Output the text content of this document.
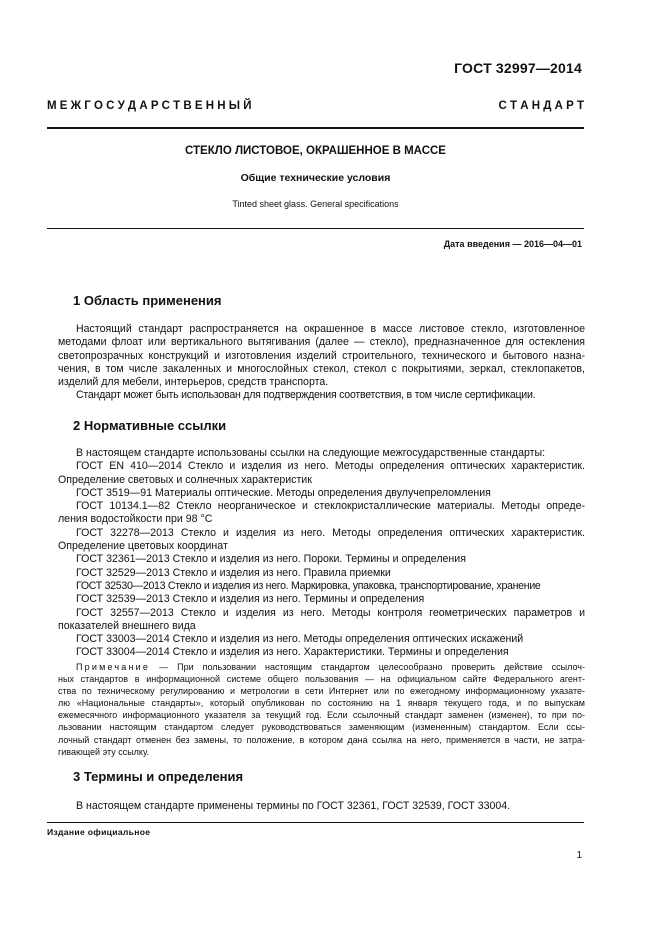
ГОСТ 32997—2014
М Е Ж Г О С У Д А Р С Т В Е Н Н Ы Й	С Т А Н Д А Р Т
СТЕКЛО ЛИСТОВОЕ, ОКРАШЕННОЕ В МАССЕ
Общие технические условия
Tinted sheet glass. General specifications
Дата введения — 2016—04—01
1 Область применения
Настоящий стандарт распространяется на окрашенное в массе листовое стекло, изготовленное
методами флоат или вертикального вытягивания (далее — стекло), предназначенное для остекления
светопрозрачных конструкций и изготовления изделий строительного, технического и бытового назна-
чения, в том числе закаленных и многослойных стекол, стекол с покрытиями, зеркал, стеклопакетов,
изделий для мебели, интерьеров, средств транспорта.
Стандарт может быть использован для подтверждения соответствия, в том числе сертификации.
2 Нормативные ссылки
В настоящем стандарте использованы ссылки на следующие межгосударственные стандарты:
ГОСТ EN 410—2014 Стекло и изделия из него. Методы определения оптических характеристик.
Определение световых и солнечных характеристик
ГОСТ 3519—91 Материалы оптические. Методы определения двулучепреломления
ГОСТ 10134.1—82 Стекло неорганическое и стеклокристаллические материалы. Методы опреде-
ления водостойкости при 98 °С
ГОСТ 32278—2013 Стекло и изделия из него. Методы определения оптических характеристик.
Определение цветовых координат
ГОСТ 32361—2013 Стекло и изделия из него. Пороки. Термины и определения
ГОСТ 32529—2013 Стекло и изделия из него. Правила приемки
ГОСТ 32530—2013 Стекло и изделия из него. Маркировка, упаковка, транспортирование, хранение
ГОСТ 32539—2013 Стекло и изделия из него. Термины и определения
ГОСТ 32557—2013 Стекло и изделия из него. Методы контроля геометрических параметров и
показателей внешнего вида
ГОСТ 33003—2014 Стекло и изделия из него. Методы определения оптических искажений
ГОСТ 33004—2014 Стекло и изделия из него. Характеристики. Термины и определения
Примечание — При пользовании настоящим стандартом целесообразно проверить действие ссылоч-
ных стандартов в информационной системе общего пользования — на официальном сайте Федерального агент-
ства по техническому регулированию и метрологии в сети Интернет или по ежегодному информационному указате-
лю «Национальные стандарты», который опубликован по состоянию на 1 января текущего года, и по выпускам
ежемесячного информационного указателя за текущий год. Если ссылочный стандарт заменен (изменен), то при по-
льзовании настоящим стандартом следует руководствоваться заменяющим (измененным) стандартом. Если ссы-
лочный стандарт отменен без замены, то положение, в котором дана ссылка на него, применяется в части, не затра-
гивающей эту ссылку.
3 Термины и определения
В настоящем стандарте применены термины по ГОСТ 32361, ГОСТ 32539, ГОСТ 33004.
Издание официальное
1
